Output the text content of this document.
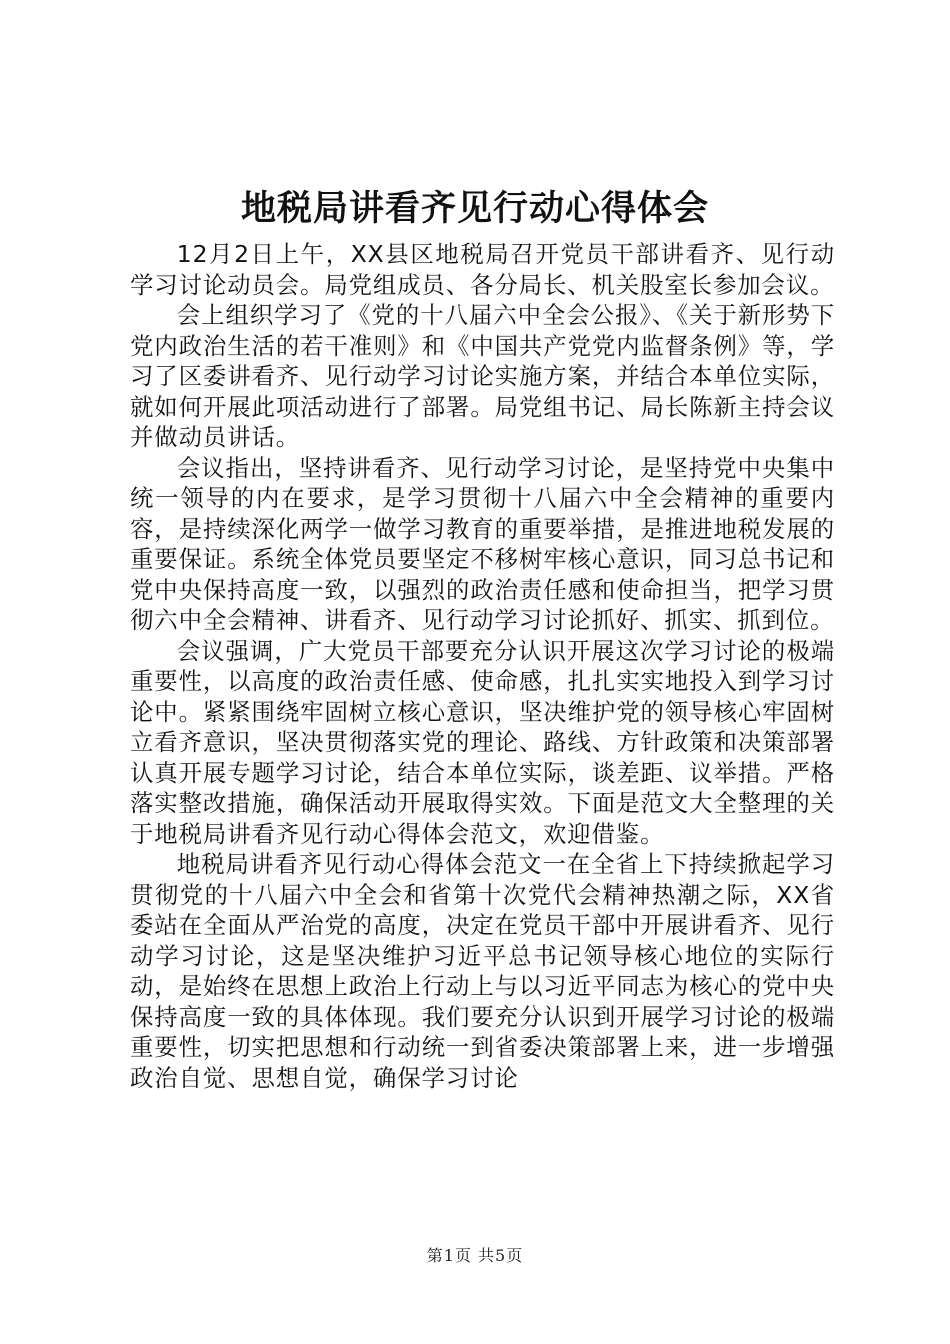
地税局讲看齐见行动心得体会

12月2日上午，XX县区地税局召开党员干部讲看齐、见行动学习讨论动员会。局党组成员、各分局长、机关股室长参加会议。

会上组织学习了《党的十八届六中全会公报》、《关于新形势下党内政治生活的若干准则》和《中国共产党党内监督条例》等，学习了区委讲看齐、见行动学习讨论实施方案，并结合本单位实际，就如何开展此项活动进行了部署。局党组书记、局长陈新主持会议并做动员讲话。

会议指出，坚持讲看齐、见行动学习讨论，是坚持党中央集中统一领导的内在要求，是学习贯彻十八届六中全会精神的重要内容，是持续深化两学一做学习教育的重要举措，是推进地税发展的重要保证。系统全体党员要坚定不移树牢核心意识，同习总书记和党中央保持高度一致，以强烈的政治责任感和使命担当，把学习贯彻六中全会精神、讲看齐、见行动学习讨论抓好、抓实、抓到位。

会议强调，广大党员干部要充分认识开展这次学习讨论的极端重要性，以高度的政治责任感、使命感，扎扎实实地投入到学习讨论中。紧紧围绕牢固树立核心意识，坚决维护党的领导核心牢固树立看齐意识，坚决贯彻落实党的理论、路线、方针政策和决策部署认真开展专题学习讨论，结合本单位实际，谈差距、议举措。严格落实整改措施，确保活动开展取得实效。下面是范文大全整理的关于地税局讲看齐见行动心得体会范文，欢迎借鉴。

地税局讲看齐见行动心得体会范文一在全省上下持续掀起学习贯彻党的十八届六中全会和省第十次党代会精神热潮之际，XX省委站在全面从严治党的高度，决定在党员干部中开展讲看齐、见行动学习讨论，这是坚决维护习近平总书记领导核心地位的实际行动，是始终在思想上政治上行动上与以习近平同志为核心的党中央保持高度一致的具体体现。我们要充分认识到开展学习讨论的极端重要性，切实把思想和行动统一到省委决策部署上来，进一步增强政治自觉、思想自觉，确保学习讨论

第1页 共5页
